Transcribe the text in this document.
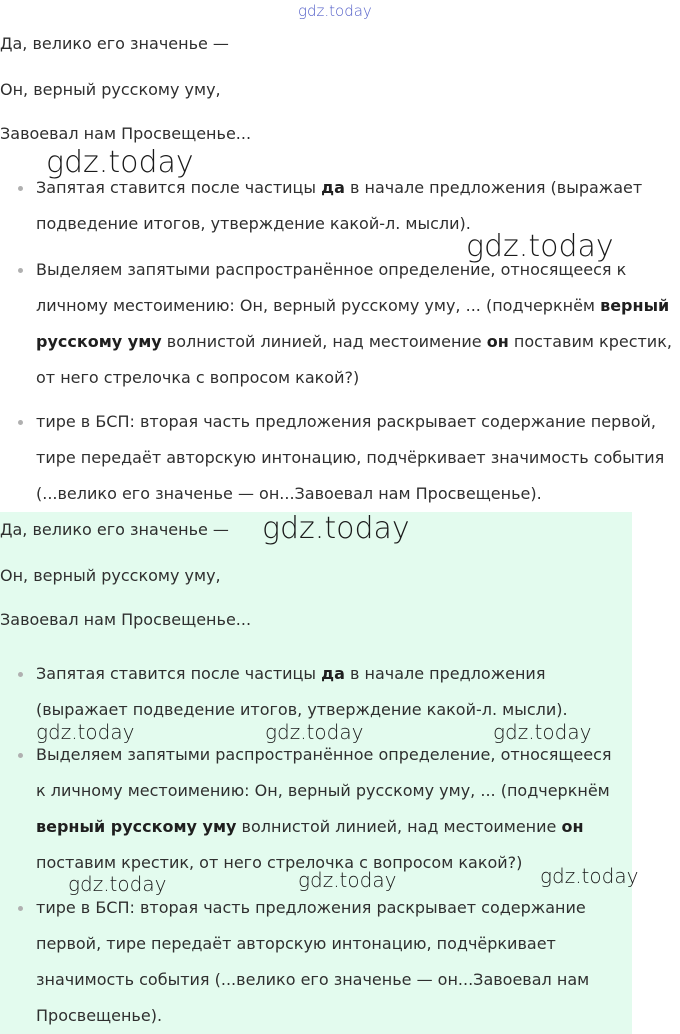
gdz.today
Да, велико его значенье —
Он, верный русскому уму,
Завоевал нам Просвещенье...
gdz.today
Запятая ставится после частицы да в начале предложения (выражает
подведение итогов, утверждение какой-л. мысли).
gdz.today
Выделяем запятыми распространённое определение, относящееся к
личному местоимению: Он, верный русскому уму, ... (подчеркнём верный
русскому уму волнистой линией, над местоимение он поставим крестик,
от него стрелочка с вопросом какой?)
тире в БСП: вторая часть предложения раскрывает содержание первой,
тире передаёт авторскую интонацию, подчёркивает значимость события
(...велико его значенье — он...Завоевал нам Просвещенье).
Да, велико его значенье — gdz.today
Он, верный русскому уму,
Завоевал нам Просвещенье...
Запятая ставится после частицы да в начале предложения
(выражает подведение итогов, утверждение какой-л. мысли).
gdz.today	gdz.today	gdz.today
Выделяем запятыми распространённое определение, относящееся
к личному местоимению: Он, верный русскому уму, ... (подчеркнём
верный русскому уму волнистой линией, над местоимение он
поставим крестик, от него стрелочка с вопросом какой?)
gdz.today	gdz.today	gdz.today
тире в БСП: вторая часть предложения раскрывает содержание
первой, тире передаёт авторскую интонацию, подчёркивает
значимость события (...велико его значенье — он...Завоевал нам
Просвещенье).
